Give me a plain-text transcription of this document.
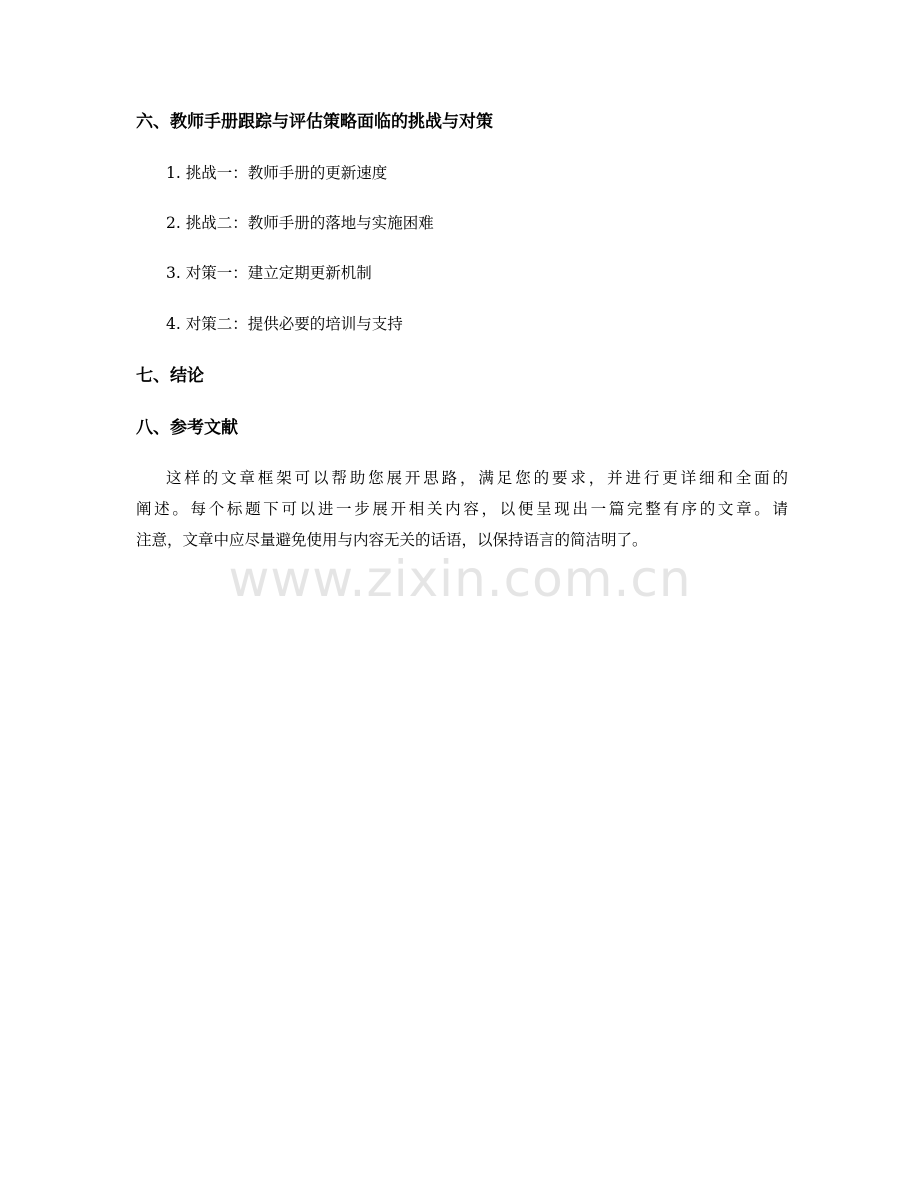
六、教师手册跟踪与评估策略面临的挑战与对策
1. 挑战一：教师手册的更新速度
2. 挑战二：教师手册的落地与实施困难
3. 对策一：建立定期更新机制
4. 对策二：提供必要的培训与支持
七、结论
八、参考文献
这样的文章框架可以帮助您展开思路，满足您的要求，并进行更详细和全面的
阐述。每个标题下可以进一步展开相关内容，以便呈现出一篇完整有序的文章。请
注意，文章中应尽量避免使用与内容无关的话语，以保持语言的简洁明了。
www.zixin.com.cn
